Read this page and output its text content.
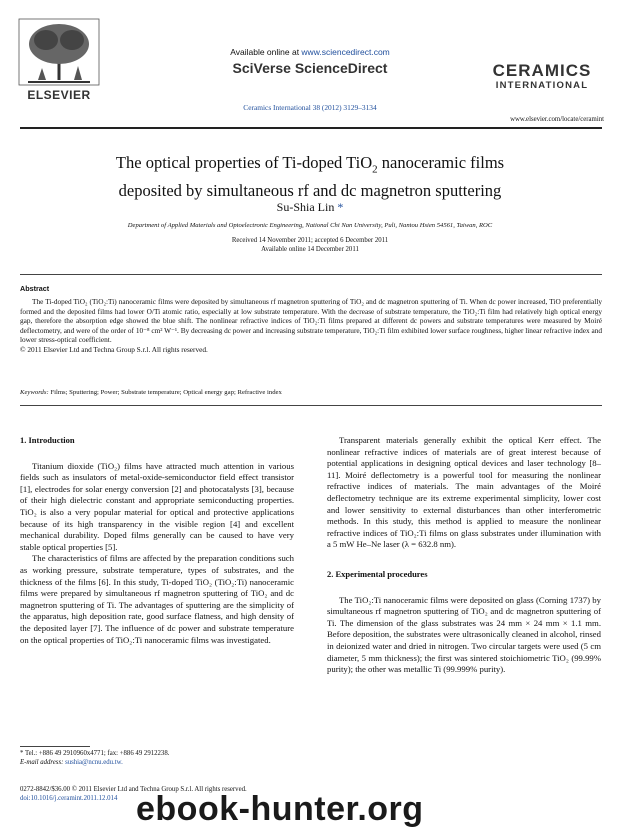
ELSEVIER
Available online at www.sciencedirect.com
SciVerse ScienceDirect
Ceramics International 38 (2012) 3129–3134
CERAMICS
INTERNATIONAL
www.elsevier.com/locate/ceramint
The optical properties of Ti-doped TiO$_2$ nanoceramic films
deposited by simultaneous rf and dc magnetron sputtering
Su-Shia Lin *
Department of Applied Materials and Optoelectronic Engineering, National Chi Nan University, Puli, Nantou Hsien 54561, Taiwan, ROC
Received 14 November 2011; accepted 6 December 2011
Available online 14 December 2011
Abstract

The Ti-doped TiO₂ (TiO₂:Ti) nanoceramic films were deposited by simultaneous rf magnetron sputtering of TiO₂ and dc magnetron sputtering of Ti. When dc power increased, TiO preferentially formed and the deposited films had lower O/Ti atomic ratio, especially at low substrate temperature. With the decrease of substrate temperature, the TiO₂:Ti film had relatively high optical energy gap, therefore the absorption edge showed the blue shift. The nonlinear refractive indices of TiO₂:Ti films prepared at different dc powers and substrate temperatures were measured by Moiré deflectometry, and were of the order of 10⁻⁸ cm² W⁻¹. By decreasing dc power and increasing substrate temperature, TiO₂:Ti film exhibited lower surface roughness, higher linear refractive index and lower stress-optical coefficient.

© 2011 Elsevier Ltd and Techna Group S.r.l. All rights reserved.
Keywords: Films; Sputtering; Power; Substrate temperature; Optical energy gap; Refractive index
1. Introduction

Titanium dioxide (TiO₂) films have attracted much attention in various fields such as insulators of metal-oxide-semiconductor field effect transistor [1], electrodes for solar energy conversion [2] and photocatalysts [3], because of their high dielectric constant and appropriate semiconducting properties. TiO₂ is also a very popular material for optical and protective applications because of its high transparency in the visible region [4] and excellent mechanical durability. Doped films generally can be caused to have very stable optical properties [5].

The characteristics of films are affected by the preparation conditions such as working pressure, substrate temperature, types of substrates, and the thickness of the films [6]. In this study, Ti-doped TiO₂ (TiO₂:Ti) nanoceramic films were prepared by simultaneous rf magnetron sputtering of TiO₂ and dc magnetron sputtering of Ti. The advantages of sputtering are the simplicity of the apparatus, high deposition rate, good surface flatness, and high density of the deposited layer [7]. The influence of dc power and substrate temperature on the optical properties of TiO₂:Ti nanoceramic films was investigated.

Transparent materials generally exhibit the optical Kerr effect. The nonlinear refractive indices of materials are of great interest because of potential applications in designing optical devices and laser technology [8–11]. Moiré deflectometry is a powerful tool for measuring the nonlinear refractive indices of materials. The main advantages of the Moiré deflectometry technique are its extreme experimental simplicity, lower cost and lower sensitivity to external disturbances than other interferometric methods. In this study, this method is applied to measure the nonlinear refractive indices of TiO₂:Ti films on glass substrates under illumination with a 5 mW He–Ne laser (λ = 632.8 nm).

2. Experimental procedures

The TiO₂:Ti nanoceramic films were deposited on glass (Corning 1737) by simultaneous rf magnetron sputtering of TiO₂ and dc magnetron sputtering of Ti. The dimension of the glass substrates was 24 mm × 24 mm × 1.1 mm. Before deposition, the substrates were ultrasonically cleaned in alcohol, rinsed in deionized water and dried in nitrogen. Two circular targets were used (5 cm diameter, 5 mm thickness); the first was sintered stoichiometric TiO₂ (99.99% purity); the other was metallic Ti (99.999% purity).

* Tel.: +886 49 2910960x4771; fax: +886 49 2912238.
E-mail address: sushia@ncnu.edu.tw.
0272-8842/$36.00 © 2011 Elsevier Ltd and Techna Group S.r.l. All rights reserved.
doi:10.1016/j.ceramint.2011.12.014 ebook-hunter.org
